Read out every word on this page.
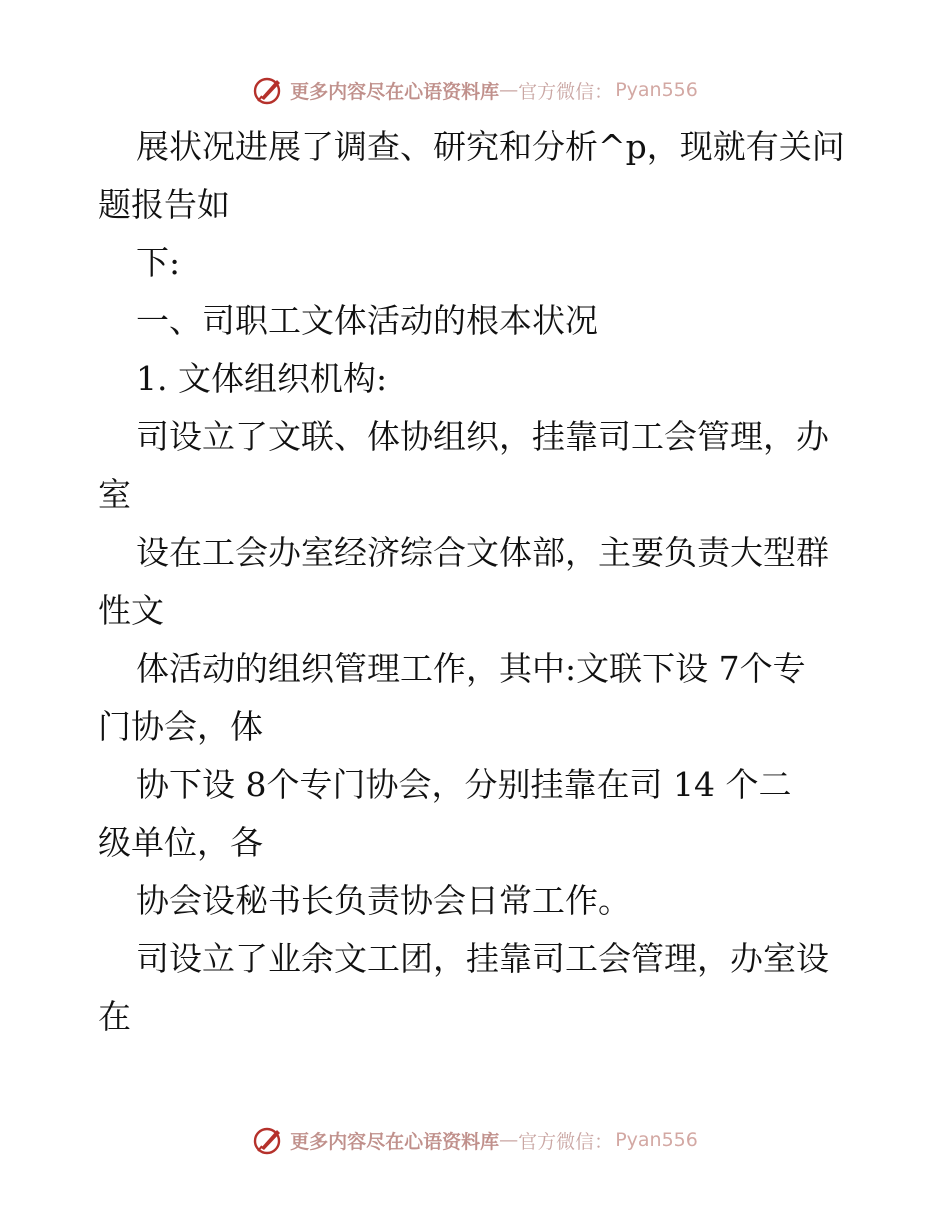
更多内容尽在心语资料库 — 官方微信： Pyan556
展状况进展了调查、研究和分析^p，现就有关问
题报告如
下:
一、司职工文体活动的根本状况
1. 文体组织机构:
司设立了文联、体协组织，挂靠司工会管理，办
室
设在工会办室经济综合文体部，主要负责大型群
性文
体活动的组织管理工作，其中:文联下设 7个专
门协会，体
协下设 8个专门协会，分别挂靠在司 14 个二
级单位，各
协会设秘书长负责协会日常工作。
司设立了业余文工团，挂靠司工会管理，办室设
在
更多内容尽在心语资料库 — 官方微信： Pyan556
